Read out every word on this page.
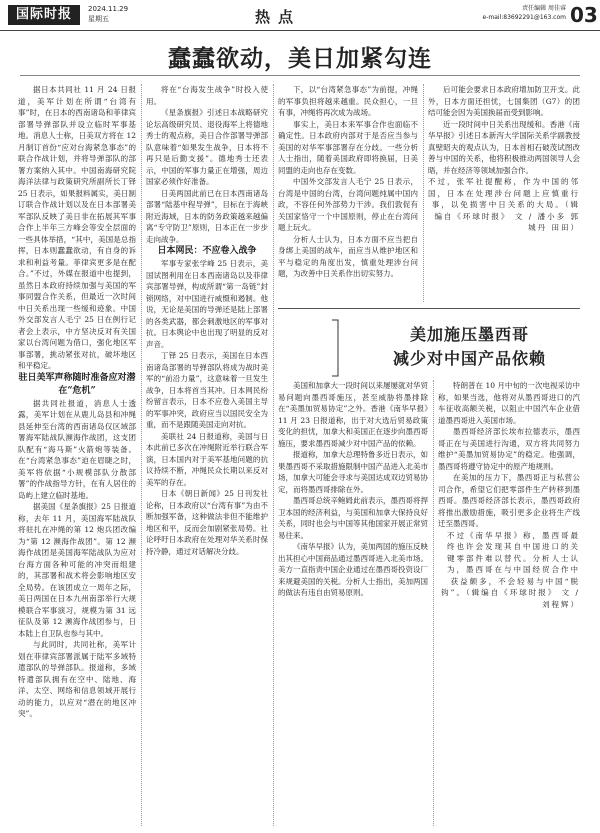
国际时报	2024.11.29
星期五	热点	责任编辑 周佳睿
e-mail:83692291@163.com 03
蠢蠢欲动，美日加紧勾连

据日本共同社 11 月 24 日报道，美军计划在所谓“台湾有事”时，在日本的西南诸岛和菲律宾部署导弹部队并设立临时军事基地。消息人士称，日美双方将在 12 月制订首份“应对台海紧急事态”的联合作战计划，并将导弹部队的部署方案纳入其中。中国南海研究院海洋法律与政策研究所副所长丁铎 25 日表示，如果报料属实，美日制订联合作战计划以及在日本部署美军部队反映了美日非在拓展其军事合作上半年三方峰会等安全层面的一些具体举措，“其中，美国是总指挥，日本则蠢蠢欲动，有自身的诉求和利益考量。菲律宾更多是在配合。”不过，外媒在报道中也提到，虽然日本政府持续加强与美国的军事同盟合作关系，但最近一次时间中日关系出现一些缓和迹象。中国外交部发言人毛宁 25 日在例行记者会上表示，中方坚决反对有关国家以台湾问题为借口，强化地区军事部署，挑动紧张对抗，破坏地区和平稳定。

驻日美军声称随时准备应对潜在“危机”

据共同社报道，消息人士透露，美军计划在从鹿儿岛县和冲绳县延伸至台湾的西南诸岛仅区域部署海军陆战队濒海作战团，这支团队配有“海马斯”火箭炮等装备。在“台湾紧急事态”迫在眉睫之时，美军将依据“小规模部队分散部署”的作战指导方针，在有人居住的岛屿上建立临时基地。

据美国《星条旗报》25 日报道称，去年 11 月，美国海军陆战队将驻扎在冲绳的第 12 炮兵团改编为“第 12 濒海作战团”。第 12 濒海作战团是美国海军陆战队为应对台海方面各种可能的冲突而组建的，其部署和战术将会影响地区安全局势。在该团成立一周年之际，美日两国在日本九州南部举行大规模联合军事演习，规模为第 31 远征队及第 12 濒海作战团参与，日本陆上自卫队也参与其中。

与此同时，共同社称，美军计划在菲律宾部署派属于陆军多域特遣部队的导弹部队。报道称，多域特遣部队拥有在空中、陆地、海洋、太空、网络和信息领域开展行动的能力，以应对“潜在的地区冲突”。

将在“台海发生战争”时投入使用。

《星条旗报》引述日本战略研究论坛高级研究员、退役海军上将德地秀士的观点称，美日合作部署导弹部队意味着“如果发生战争，日本将不再只是后勤支援”。德地秀士还表示，中国的军事力量正在增强，周边国家必须作好准备。

日美两国此前已在日本西南诸岛部署“陆基中程导弹”，目标在于海峡附近海域，日本的防务政策越来越偏离“专守防卫”原则，日本正在一步步走向战争。

日本网民：不应卷入战争

军事专家张学峰 25 日表示，美国试图利用在日本西南诸岛以及菲律宾部署导弹，构成所谓“第一岛链”封锁网络，对中国进行威慑和遏制。他说，无论是美国的导弹还是陆上部署的各类武器，都会刺激地区的军事对抗。日本舆论中也出现了明显的反对声音。

丁铎 25 日表示，美国在日本西南诸岛部署的导弹部队将成为战时美军的“前沿力量”，这意味着一旦发生战争，日本将首当其冲。日本网民纷纷留言表示，日本不应卷入美国主导的军事冲突，政府应当以国民安全为重，而不是跟随美国走向对抗。

美联社 24 日报道称，美国与日本此前已多次在冲绳附近举行联合军演，日本国内对于美军基地问题的抗议持续不断，冲绳民众长期以来反对美军的存在。

日本《朝日新闻》25 日刊发社论称，日本政府以“台湾有事”为由不断加强军备，这种做法非但不能维护地区和平，反而会加剧紧张局势。社论呼吁日本政府在处理对华关系时保持冷静，通过对话解决分歧。

下，以“台湾紧急事态”为前提，冲绳的军事负担将越来越重。民众担心，一旦有事，冲绳将再次成为战场。

事实上，美日本来军事合作也面临不确定性。日本政府内部对于是否应当参与美国的对华军事部署存在分歧。一些分析人士指出，随着美国政府即将换届，日美同盟的走向也存在变数。

中国外交部发言人毛宁 25 日表示，台湾是中国的台湾，台湾问题纯属中国内政，不容任何外部势力干涉。我们敦促有关国家恪守一个中国原则，停止在台湾问题上玩火。

分析人士认为，日本方面不应当把自身绑上美国的战车，而应当从维护地区和平与稳定的角度出发，慎重处理涉台问题，为改善中日关系作出切实努力。

后可能会要求日本政府增加防卫开支。此外，日本方面还担忧，七国集团（G7）的团结可能会因为美国换届而受到影响。

近一段时间中日关系出现缓和。香港《南华早报》引述日本新泻大学国际关系学副教授真壁昭夫的观点认为，日本首相石破茂试图改善与中国的关系，他将积极推动两国领导人会晤，并在经济等领域加强合作。

不过，张军社提醒称，作为中国的邻国，日本在处理涉台问题上应慎重行事，以免损害中日关系的大局。（辑编自《环球时报》 文 / 潘小多 郭城丹 田田）

美加施压墨西哥
减少对中国产品依赖

美国和加拿大一段时间以来屡屡就对华贸易问题向墨西哥施压，甚至威胁将墨排除在“美墨加贸易协定”之外。香港《南华早报》11 月 23 日报道称，出于对大选后贸易政策变化的担忧，加拿大和美国正在逐步向墨西哥施压，要求墨西哥减少对中国产品的依赖。

报道称，加拿大总理特鲁多近日表示，如果墨西哥不采取措施限制中国产品进入北美市场，加拿大可能会寻求与美国达成双边贸易协定，而将墨西哥排除在外。

墨西哥总统辛鲍姆此前表示，墨西哥将捍卫本国的经济利益，与美国和加拿大保持良好关系，同时也会与中国等其他国家开展正常贸易往来。

《南华早报》认为，美加两国的施压反映出其担心中国商品通过墨西哥进入北美市场。美方一直指责中国企业通过在墨西哥投资设厂来规避美国的关税。分析人士指出，美加两国的做法有违自由贸易原则。

特朗普在 10 月中旬的一次电视采访中称，如果当选，他将对从墨西哥进口的汽车征收高额关税，以阻止中国汽车企业借道墨西哥进入美国市场。

墨西哥经济部长埃布拉德表示，墨西哥正在与美国进行沟通，双方将共同努力维护“美墨加贸易协定”的稳定。他强调，墨西哥将遵守协定中的原产地规则。

在美加的压力下，墨西哥正与私营公司合作，希望它们把零部件生产转移到墨西哥。墨西哥经济部长表示，墨西哥政府将推出激励措施，吸引更多企业将生产线迁至墨西哥。

不过《南华早报》称，墨西哥最终也许会发现其自中国进口的关键零部件难以替代。分析人士认为，墨西哥在与中国经贸合作中获益颇多，不会轻易与中国“脱钩”。（辑编自《环球时报》 文 / 刘程辉）
